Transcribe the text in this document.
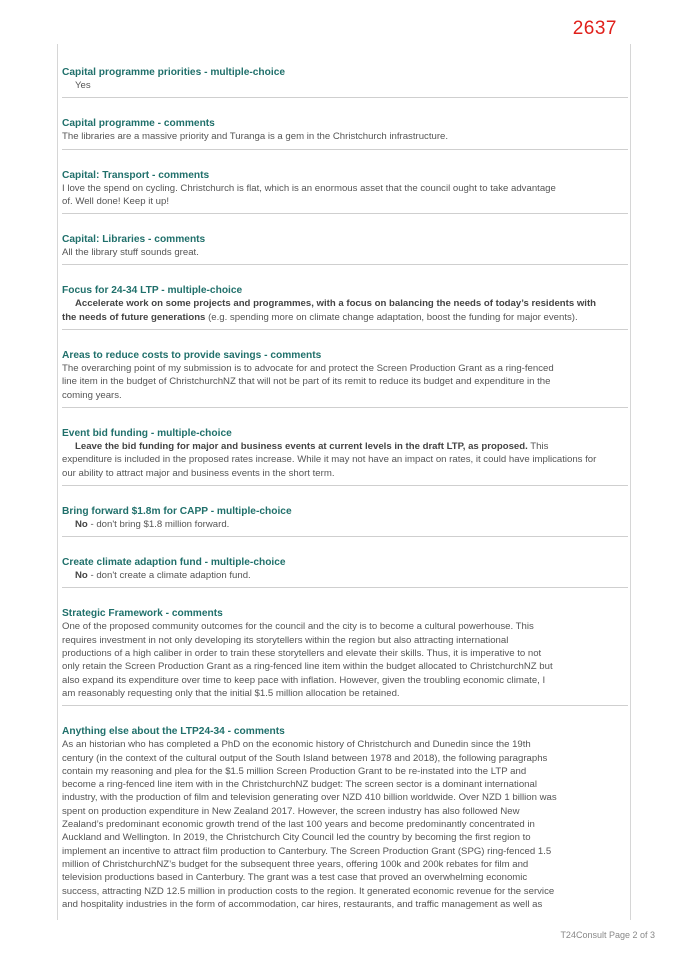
2637

Capital programme priorities - multiple-choice

Yes

Capital programme - comments

The libraries are a massive priority and Turanga is a gem in the Christchurch infrastructure.

Capital: Transport - comments

I love the spend on cycling. Christchurch is flat, which is an enormous asset that the council ought to take advantage
of. Well done! Keep it up!

Capital: Libraries - comments

All the library stuff sounds great.

Focus for 24-34 LTP - multiple-choice

Accelerate work on some projects and programmes, with a focus on balancing the needs of today’s residents with

the needs of future generations (e.g. spending more on climate change adaptation, boost the funding for major events).

Areas to reduce costs to provide savings - comments

The overarching point of my submission is to advocate for and protect the Screen Production Grant as a ring-fenced
line item in the budget of ChristchurchNZ that will not be part of its remit to reduce its budget and expenditure in the
coming years.

Event bid funding - multiple-choice

Leave the bid funding for major and business events at current levels in the draft LTP, as proposed. This
expenditure is included in the proposed rates increase. While it may not have an impact on rates, it could have implications for
our ability to attract major and business events in the short term.

Bring forward $1.8m for CAPP - multiple-choice

No - don't bring $1.8 million forward.

Create climate adaption fund - multiple-choice

No - don't create a climate adaption fund.

Strategic Framework - comments

One of the proposed community outcomes for the council and the city is to become a cultural powerhouse. This
requires investment in not only developing its storytellers within the region but also attracting international
productions of a high caliber in order to train these storytellers and elevate their skills. Thus, it is imperative to not
only retain the Screen Production Grant as a ring-fenced line item within the budget allocated to ChristchurchNZ but
also expand its expenditure over time to keep pace with inflation. However, given the troubling economic climate, I
am reasonably requesting only that the initial $1.5 million allocation be retained.

Anything else about the LTP24-34 - comments

As an historian who has completed a PhD on the economic history of Christchurch and Dunedin since the 19th
century (in the context of the cultural output of the South Island between 1978 and 2018), the following paragraphs
contain my reasoning and plea for the $1.5 million Screen Production Grant to be re-instated into the LTP and
become a ring-fenced line item with in the ChristchurchNZ budget: The screen sector is a dominant international
industry, with the production of film and television generating over NZD 410 billion worldwide. Over NZD 1 billion was
spent on production expenditure in New Zealand 2017. However, the screen industry has also followed New
Zealand’s predominant economic growth trend of the last 100 years and become predominantly concentrated in
Auckland and Wellington. In 2019, the Christchurch City Council led the country by becoming the first region to
implement an incentive to attract film production to Canterbury. The Screen Production Grant (SPG) ring-fenced 1.5
million of ChristchurchNZ’s budget for the subsequent three years, offering 100k and 200k rebates for film and
television productions based in Canterbury. The grant was a test case that proved an overwhelming economic
success, attracting NZD 12.5 million in production costs to the region. It generated economic revenue for the service
and hospitality industries in the form of accommodation, car hires, restaurants, and traffic management as well as

T24Consult Page 2 of 3
